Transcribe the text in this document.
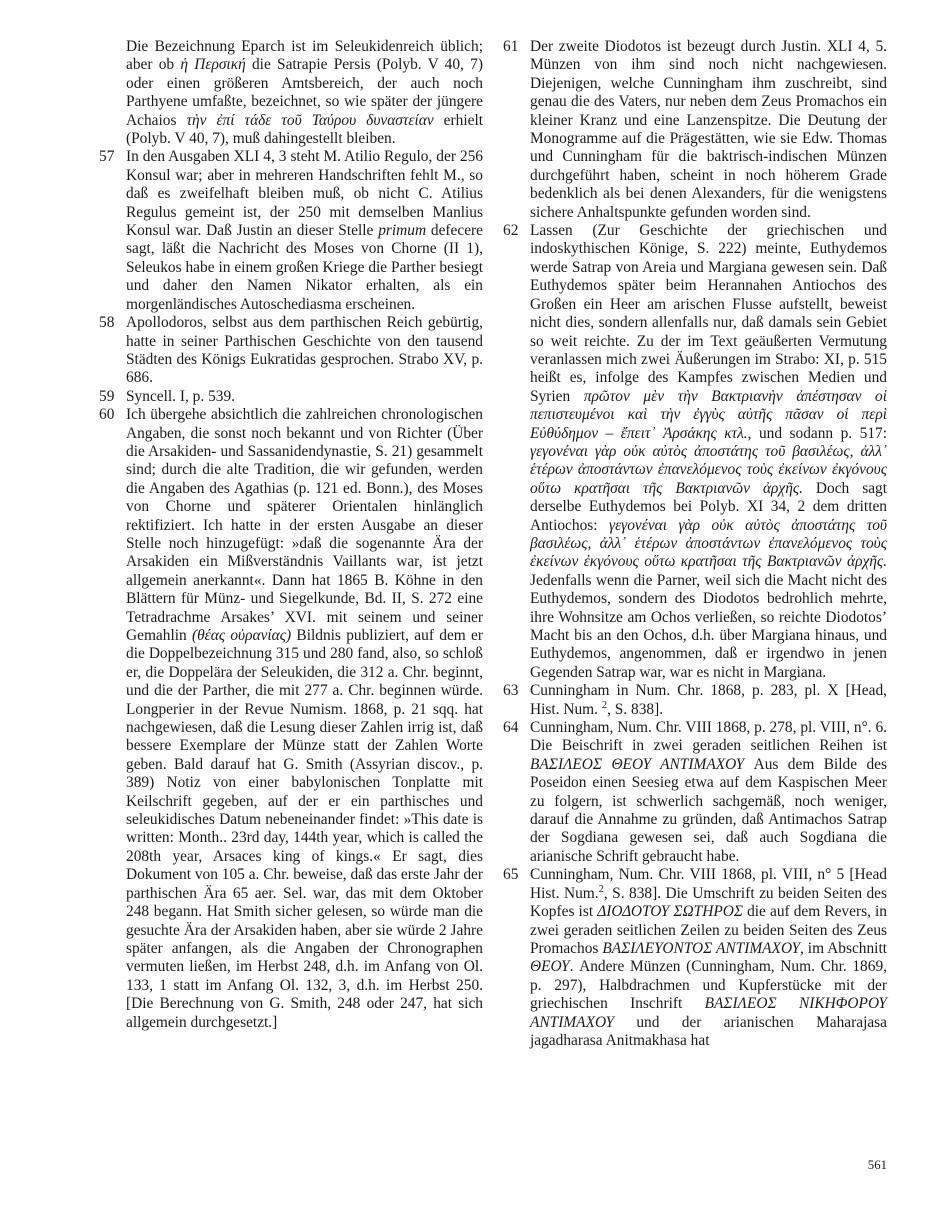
Die Bezeichnung Eparch ist im Seleukidenreich üblich; aber ob ἡ Περσική die Satrapie Persis (Polyb. V 40, 7) oder einen größeren Amtsbereich, der auch noch Parthyene umfaßte, bezeichnet, so wie später der jüngere Achaios τὴν ἐπί τάδε τοῦ Ταύρου δυναστείαν erhielt (Polyb. V 40, 7), muß dahingestellt bleiben.

57 In den Ausgaben XLI 4, 3 steht M. Atilio Regulo, der 256 Konsul war; aber in mehreren Handschriften fehlt M., so daß es zweifelhaft bleiben muß, ob nicht C. Atilius Regulus gemeint ist, der 250 mit demselben Manlius Konsul war. Daß Justin an dieser Stelle primum defecere sagt, läßt die Nachricht des Moses von Chorne (II 1), Seleukos habe in einem großen Kriege die Parther besiegt und daher den Namen Nikator erhalten, als ein morgenländisches Autoschediasma erscheinen.

58 Apollodoros, selbst aus dem parthischen Reich gebürtig, hatte in seiner Parthischen Geschichte von den tausend Städten des Königs Eukratidas gesprochen. Strabo XV, p. 686.

59 Syncell. I, p. 539.

60 Ich übergehe absichtlich die zahlreichen chronologischen Angaben, die sonst noch bekannt und von Richter (Über die Arsakiden- und Sassanidendynastie, S. 21) gesammelt sind; durch die alte Tradition, die wir gefunden, werden die Angaben des Agathias (p. 121 ed. Bonn.), des Moses von Chorne und späterer Orientalen hinlänglich rektifiziert. Ich hatte in der ersten Ausgabe an dieser Stelle noch hinzugefügt: »daß die sogenannte Ära der Arsakiden ein Mißverständnis Vaillants war, ist jetzt allgemein anerkannt«. Dann hat 1865 B. Köhne in den Blättern für Münz- und Siegelkunde, Bd. II, S. 272 eine Tetradrachme Arsakes’ XVI. mit seinem und seiner Gemahlin (θέας οὐρανίας) Bildnis publiziert, auf dem er die Doppelbezeichnung 315 und 280 fand, also, so schloß er, die Doppelära der Seleukiden, die 312 a. Chr. beginnt, und die der Parther, die mit 277 a. Chr. beginnen würde. Longperier in der Revue Numism. 1868, p. 21 sqq. hat nachgewiesen, daß die Lesung dieser Zahlen irrig ist, daß bessere Exemplare der Münze statt der Zahlen Worte geben. Bald darauf hat G. Smith (Assyrian discov., p. 389) Notiz von einer babylonischen Tonplatte mit Keilschrift gegeben, auf der er ein parthisches und seleukidisches Datum nebeneinander findet: »This date is written: Month.. 23rd day, 144th year, which is called the 208th year, Arsaces king of kings.« Er sagt, dies Dokument von 105 a. Chr. beweise, daß das erste Jahr der parthischen Ära 65 aer. Sel. war, das mit dem Oktober 248 begann. Hat Smith sicher gelesen, so würde man die gesuchte Ära der Arsakiden haben, aber sie würde 2 Jahre später anfangen, als die Angaben der Chronographen vermuten ließen, im Herbst 248, d.h. im Anfang von Ol. 133, 1 statt im Anfang Ol. 132, 3, d.h. im Herbst 250. [Die Berechnung von G. Smith, 248 oder 247, hat sich allgemein durchgesetzt.]

61 Der zweite Diodotos ist bezeugt durch Justin. XLI 4, 5. Münzen von ihm sind noch nicht nachgewiesen. Diejenigen, welche Cunningham ihm zuschreibt, sind genau die des Vaters, nur neben dem Zeus Promachos ein kleiner Kranz und eine Lanzenspitze. Die Deutung der Monogramme auf die Prägestätten, wie sie Edw. Thomas und Cunningham für die baktrisch-indischen Münzen durchgeführt haben, scheint in noch höherem Grade bedenklich als bei denen Alexanders, für die wenigstens sichere Anhaltspunkte gefunden worden sind.

62 Lassen (Zur Geschichte der griechischen und indoskythischen Könige, S. 222) meinte, Euthydemos werde Satrap von Areia und Margiana gewesen sein. Daß Euthydemos später beim Herannahen Antiochos des Großen ein Heer am arischen Flusse aufstellt, beweist nicht dies, sondern allenfalls nur, daß damals sein Gebiet so weit reichte. Zu der im Text geäußerten Vermutung veranlassen mich zwei Äußerungen im Strabo: XI, p. 515 heißt es, infolge des Kampfes zwischen Medien und Syrien πρῶτον μὲν τὴν Βακτριανὴν ἀπέστησαν οἱ πεπιστευμένοι καὶ τὴν ἐγγὺς αὐτῆς πᾶσαν οἱ περὶ Εὐθύδημον – ἔπειτ᾽ Ἀρσάκης κτλ., und sodann p. 517: γεγονέναι γὰρ οὐκ αὐτὸς ἀποστάτης τοῦ βασιλέως, ἀλλ᾽ ἑτέρων ἀποστάντων ἐπανελόμενος τοὺς ἐκείνων ἐκγόνους οὕτω κρατῆσαι τῆς Βακτριανῶν ἀρχῆς. Doch sagt derselbe Euthydemos bei Polyb. XI 34, 2 dem dritten Antiochos: γεγονέναι γὰρ οὐκ αὐτὸς ἀποστάτης τοῦ βασιλέως, ἀλλ᾽ ἑτέρων ἀποστάντων ἐπανελόμενος τοὺς ἐκείνων ἐκγόνους οὕτω κρατῆσαι τῆς Βακτριανῶν ἀρχῆς. Jedenfalls wenn die Parner, weil sich die Macht nicht des Euthydemos, sondern des Diodotos bedrohlich mehrte, ihre Wohnsitze am Ochos verließen, so reichte Diodotos’ Macht bis an den Ochos, d.h. über Margiana hinaus, und Euthydemos, angenommen, daß er irgendwo in jenen Gegenden Satrap war, war es nicht in Margiana.

63 Cunningham in Num. Chr. 1868, p. 283, pl. X [Head, Hist. Num. $^2$, S. 838].

64 Cunningham, Num. Chr. VIII 1868, p. 278, pl. VIII, n°. 6. Die Beischrift in zwei geraden seitlichen Reihen ist ΒΑΣΙΛΕΟΣ ΘΕΟΥ ΑΝΤΙΜΑΧΟΥ Aus dem Bilde des Poseidon einen Seesieg etwa auf dem Kaspischen Meer zu folgern, ist schwerlich sachgemäß, noch weniger, darauf die Annahme zu gründen, daß Antimachos Satrap der Sogdiana gewesen sei, daß auch Sogdiana die arianische Schrift gebraucht habe.

65 Cunningham, Num. Chr. VIII 1868, pl. VIII, n° 5 [Head Hist. Num.$^2$, S. 838]. Die Umschrift zu beiden Seiten des Kopfes ist ΔΙΟΔΟΤΟΥ ΣΩΤΗΡΟΣ die auf dem Revers, in zwei geraden seitlichen Zeilen zu beiden Seiten des Zeus Promachos ΒΑΣΙΛΕΥΟΝΤΟΣ ΑΝΤΙΜΑΧΟΥ, im Abschnitt ΘΕΟΥ. Andere Münzen (Cunningham, Num. Chr. 1869, p. 297), Halbdrachmen und Kupferstücke mit der griechischen Inschrift ΒΑΣΙΛΕΟΣ ΝΙΚΗΦΟΡΟΥ ΑΝΤΙΜΑΧΟΥ und der arianischen Maharajasa jagadharasa Anitmakhasa hat

561
